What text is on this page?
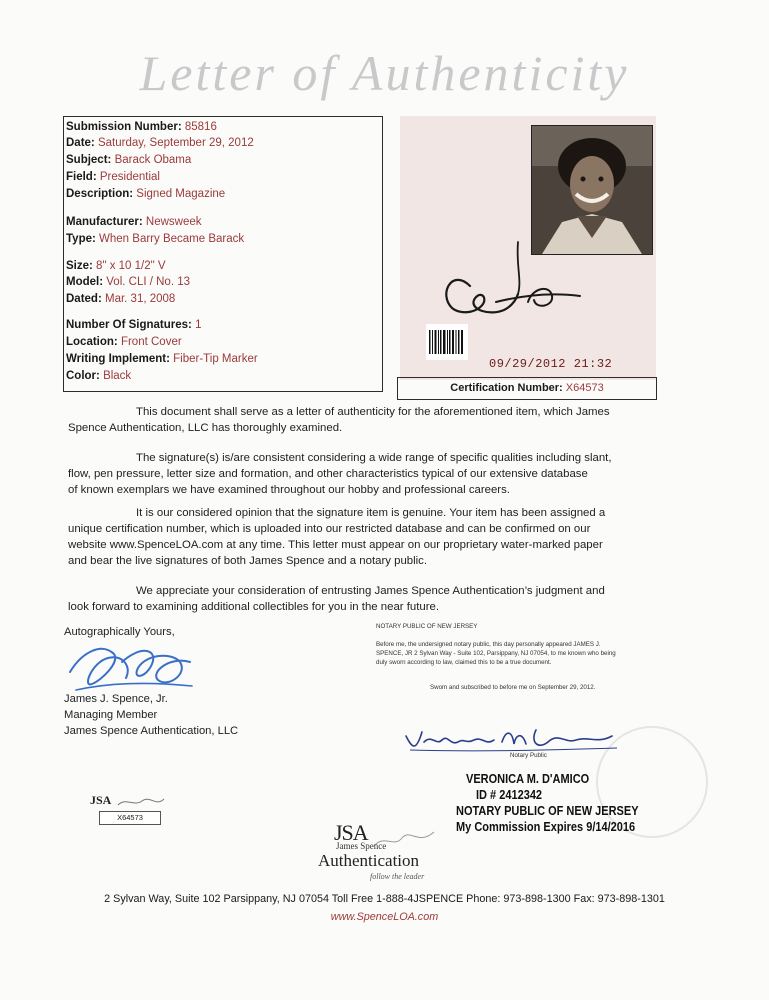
Letter of Authenticity
Submission Number: 85816
Date: Saturday, September 29, 2012
Subject: Barack Obama
Field: Presidential
Description: Signed Magazine
Manufacturer: Newsweek
Type: When Barry Became Barack
Size: 8" x 10 1/2" V
Model: Vol. CLI / No. 13
Dated: Mar. 31, 2008
Number Of Signatures: 1
Location: Front Cover
Writing Implement: Fiber-Tip Marker
Color: Black
09/29/2012 21:32
Certification Number: X64573
This document shall serve as a letter of authenticity for the aforementioned item, which James
Spence Authentication, LLC has thoroughly examined.
The signature(s) is/are consistent considering a wide range of specific qualities including slant,
flow, pen pressure, letter size and formation, and other characteristics typical of our extensive database
of known exemplars we have examined throughout our hobby and professional careers.
It is our considered opinion that the signature item is genuine. Your item has been assigned a
unique certification number, which is uploaded into our restricted database and can be confirmed on our
website www.SpenceLOA.com at any time. This letter must appear on our proprietary water-marked paper
and bear the live signatures of both James Spence and a notary public.
We appreciate your consideration of entrusting James Spence Authentication’s judgment and
look forward to examining additional collectibles for you in the near future.
Autographically Yours,
James J. Spence, Jr.
Managing Member
James Spence Authentication, LLC
NOTARY PUBLIC OF NEW JERSEY
Before me, the undersigned notary public, this day personally appeared JAMES J.
SPENCE, JR 2 Sylvan Way - Suite 102, Parsippany, NJ 07054, to me known who being
duly sworn according to law, claimed this to be a true document.
Swom and subscribed to before me on September 29, 2012.
Notary Public
VERONICA M. D'AMICO
ID # 2412342
NOTARY PUBLIC OF NEW JERSEY
My Commission Expires 9/14/2016
JSA
X64573
JSA
James Spence
Authentication
follow the leader
2 Sylvan Way, Suite 102 Parsippany, NJ 07054 Toll Free 1-888-4JSPENCE Phone: 973-898-1300 Fax: 973-898-1301
www.SpenceLOA.com
